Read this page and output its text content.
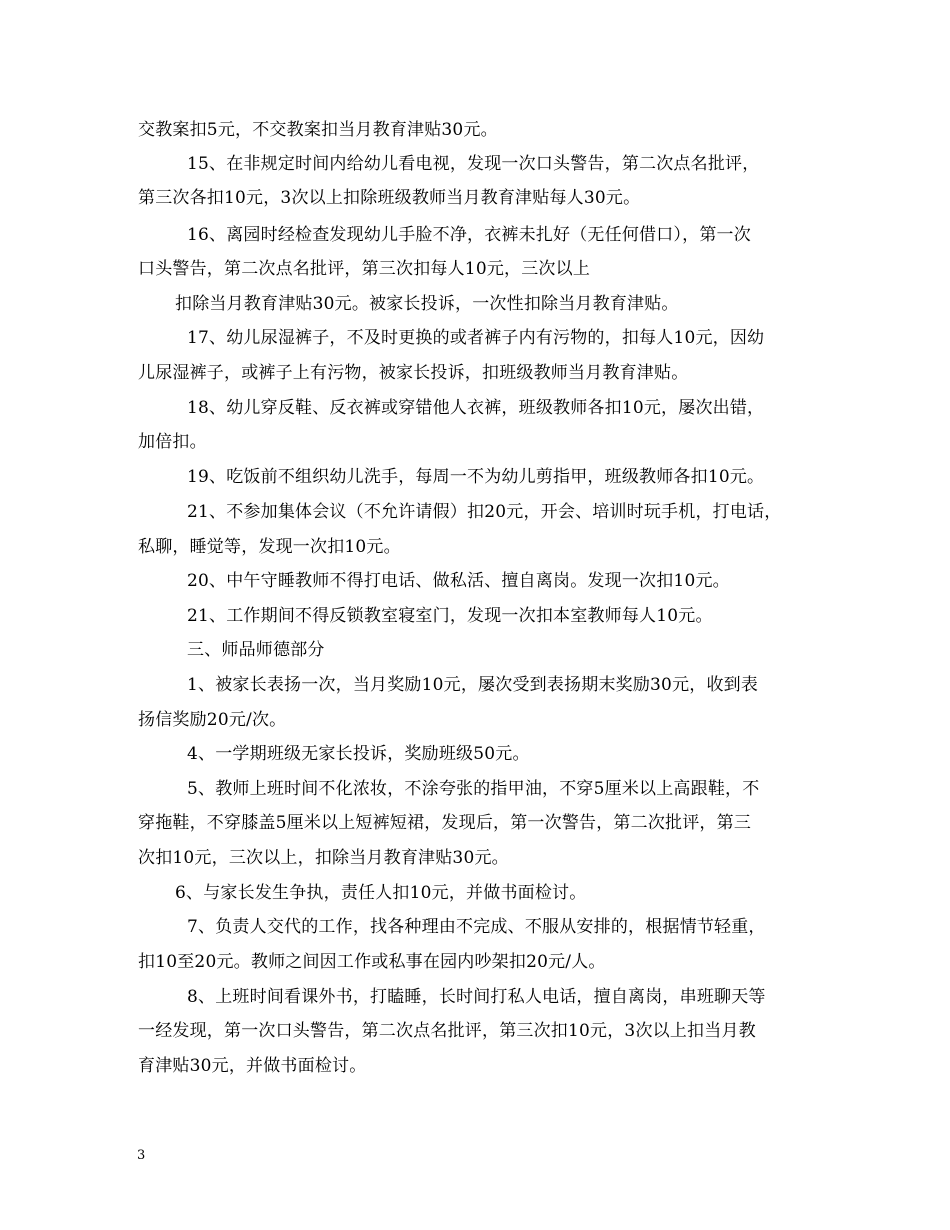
交教案扣5元，不交教案扣当月教育津贴30元。
15、在非规定时间内给幼儿看电视，发现一次口头警告，第二次点名批评，
第三次各扣10元，3次以上扣除班级教师当月教育津贴每人30元。
16、离园时经检查发现幼儿手脸不净，衣裤未扎好（无任何借口），第一次
口头警告，第二次点名批评，第三次扣每人10元，三次以上
扣除当月教育津贴30元。被家长投诉，一次性扣除当月教育津贴。
17、幼儿尿湿裤子，不及时更换的或者裤子内有污物的，扣每人10元，因幼
儿尿湿裤子，或裤子上有污物，被家长投诉，扣班级教师当月教育津贴。
18、幼儿穿反鞋、反衣裤或穿错他人衣裤，班级教师各扣10元，屡次出错，
加倍扣。
19、吃饭前不组织幼儿洗手，每周一不为幼儿剪指甲，班级教师各扣10元。
21、不参加集体会议（不允许请假）扣20元，开会、培训时玩手机，打电话，
私聊，睡觉等，发现一次扣10元。
20、中午守睡教师不得打电话、做私活、擅自离岗。发现一次扣10元。
21、工作期间不得反锁教室寝室门，发现一次扣本室教师每人10元。
三、师品师德部分
1、被家长表扬一次，当月奖励10元，屡次受到表扬期末奖励30元，收到表
扬信奖励20元/次。
4、一学期班级无家长投诉，奖励班级50元。
5、教师上班时间不化浓妆，不涂夸张的指甲油，不穿5厘米以上高跟鞋，不
穿拖鞋，不穿膝盖5厘米以上短裤短裙，发现后，第一次警告，第二次批评，第三
次扣10元，三次以上，扣除当月教育津贴30元。
6、与家长发生争执，责任人扣10元，并做书面检讨。
7、负责人交代的工作，找各种理由不完成、不服从安排的，根据情节轻重，
扣10至20元。教师之间因工作或私事在园内吵架扣20元/人。
8、上班时间看课外书，打瞌睡，长时间打私人电话，擅自离岗，串班聊天等
一经发现，第一次口头警告，第二次点名批评，第三次扣10元，3次以上扣当月教
育津贴30元，并做书面检讨。
3
